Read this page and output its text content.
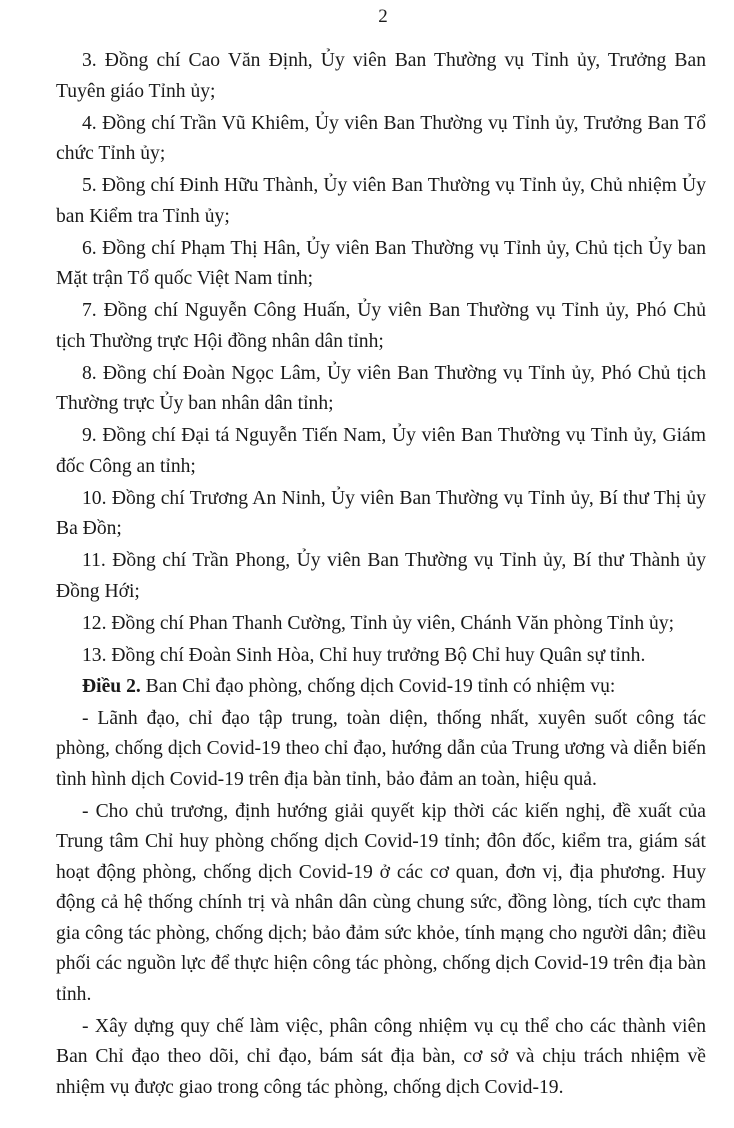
2

3. Đồng chí Cao Văn Định, Ủy viên Ban Thường vụ Tỉnh ủy, Trưởng Ban Tuyên giáo Tỉnh ủy;

4. Đồng chí Trần Vũ Khiêm, Ủy viên Ban Thường vụ Tỉnh ủy, Trưởng Ban Tổ chức Tỉnh ủy;

5. Đồng chí Đinh Hữu Thành, Ủy viên Ban Thường vụ Tỉnh ủy, Chủ nhiệm Ủy ban Kiểm tra Tỉnh ủy;

6. Đồng chí Phạm Thị Hân, Ủy viên Ban Thường vụ Tỉnh ủy, Chủ tịch Ủy ban Mặt trận Tổ quốc Việt Nam tỉnh;

7. Đồng chí Nguyễn Công Huấn, Ủy viên Ban Thường vụ Tỉnh ủy, Phó Chủ tịch Thường trực Hội đồng nhân dân tỉnh;

8. Đồng chí Đoàn Ngọc Lâm, Ủy viên Ban Thường vụ Tỉnh ủy, Phó Chủ tịch Thường trực Ủy ban nhân dân tỉnh;

9. Đồng chí Đại tá Nguyễn Tiến Nam, Ủy viên Ban Thường vụ Tỉnh ủy, Giám đốc Công an tỉnh;

10. Đồng chí Trương An Ninh, Ủy viên Ban Thường vụ Tỉnh ủy, Bí thư Thị ủy Ba Đồn;

11. Đồng chí Trần Phong, Ủy viên Ban Thường vụ Tỉnh ủy, Bí thư Thành ủy Đồng Hới;

12. Đồng chí Phan Thanh Cường, Tỉnh ủy viên, Chánh Văn phòng Tỉnh ủy;

13. Đồng chí Đoàn Sinh Hòa, Chỉ huy trưởng Bộ Chỉ huy Quân sự tỉnh.

Điều 2. Ban Chỉ đạo phòng, chống dịch Covid-19 tỉnh có nhiệm vụ:

- Lãnh đạo, chỉ đạo tập trung, toàn diện, thống nhất, xuyên suốt công tác phòng, chống dịch Covid-19 theo chỉ đạo, hướng dẫn của Trung ương và diễn biến tình hình dịch Covid-19 trên địa bàn tỉnh, bảo đảm an toàn, hiệu quả.

- Cho chủ trương, định hướng giải quyết kịp thời các kiến nghị, đề xuất của Trung tâm Chỉ huy phòng chống dịch Covid-19 tỉnh; đôn đốc, kiểm tra, giám sát hoạt động phòng, chống dịch Covid-19 ở các cơ quan, đơn vị, địa phương. Huy động cả hệ thống chính trị và nhân dân cùng chung sức, đồng lòng, tích cực tham gia công tác phòng, chống dịch; bảo đảm sức khỏe, tính mạng cho người dân; điều phối các nguồn lực để thực hiện công tác phòng, chống dịch Covid-19 trên địa bàn tỉnh.

- Xây dựng quy chế làm việc, phân công nhiệm vụ cụ thể cho các thành viên Ban Chỉ đạo theo dõi, chỉ đạo, bám sát địa bàn, cơ sở và chịu trách nhiệm về nhiệm vụ được giao trong công tác phòng, chống dịch Covid-19.
